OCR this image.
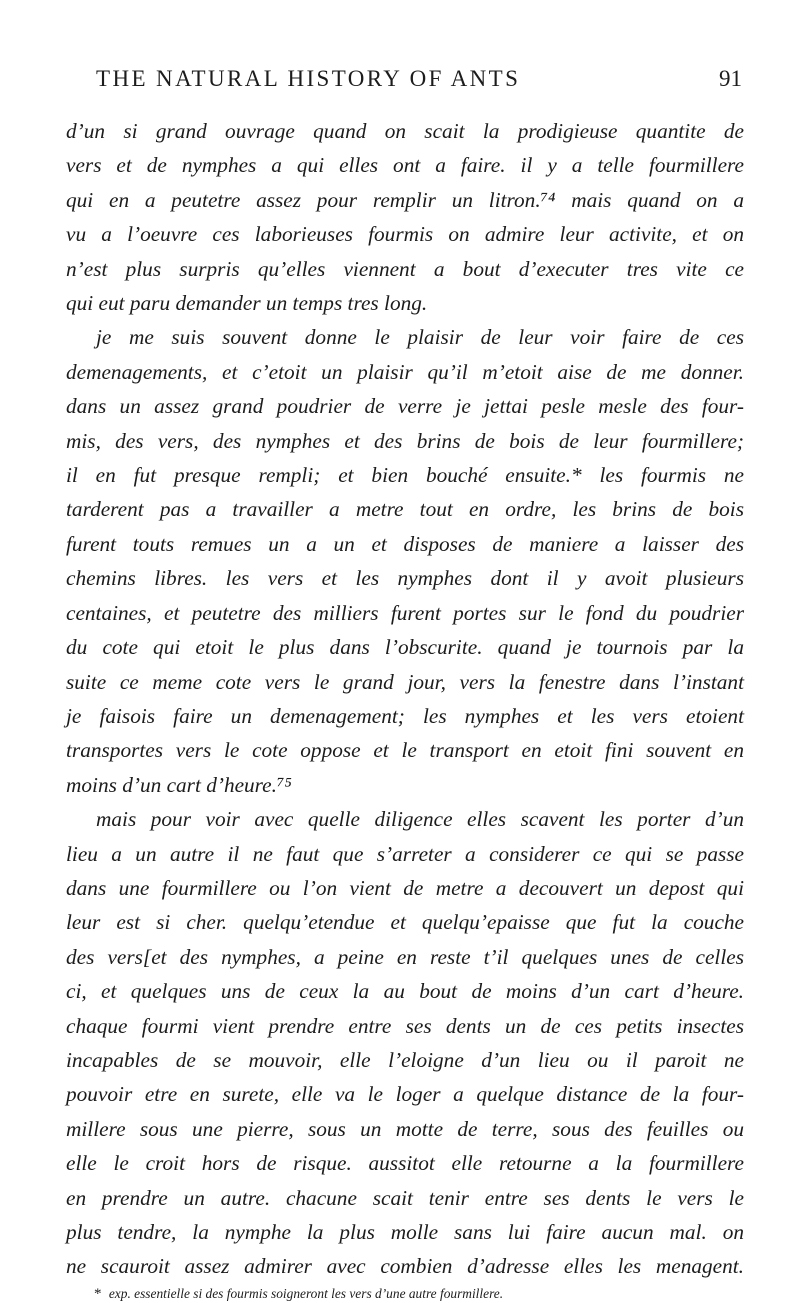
THE NATURAL HISTORY OF ANTS	91
d’un si grand ouvrage quand on scait la prodigieuse quantite de
vers et de nymphes a qui elles ont a faire. il y a telle fourmillere
qui en a peutetre assez pour remplir un litron.⁷⁴ mais quand on a
vu a l’oeuvre ces laborieuses fourmis on admire leur activite, et on
n’est plus surpris qu’elles viennent a bout d’executer tres vite ce
qui eut paru demander un temps tres long.
je me suis souvent donne le plaisir de leur voir faire de ces
demenagements, et c’etoit un plaisir qu’il m’etoit aise de me donner.
dans un assez grand poudrier de verre je jettai pesle mesle des four-
mis, des vers, des nymphes et des brins de bois de leur fourmillere;
il en fut presque rempli; et bien bouché ensuite.* les fourmis ne
tarderent pas a travailler a metre tout en ordre, les brins de bois
furent touts remues un a un et disposes de maniere a laisser des
chemins libres. les vers et les nymphes dont il y avoit plusieurs
centaines, et peutetre des milliers furent portes sur le fond du poudrier
du cote qui etoit le plus dans l’obscurite. quand je tournois par la
suite ce meme cote vers le grand jour, vers la fenestre dans l’instant
je faisois faire un demenagement; les nymphes et les vers etoient
transportes vers le cote oppose et le transport en etoit fini souvent en
moins d’un cart d’heure.⁷⁵
mais pour voir avec quelle diligence elles scavent les porter d’un
lieu a un autre il ne faut que s’arreter a considerer ce qui se passe
dans une fourmillere ou l’on vient de metre a decouvert un depost qui
leur est si cher. quelqu’etendue et quelqu’epaisse que fut la couche
des vers[et des nymphes, a peine en reste t’il quelques unes de celles
ci, et quelques uns de ceux la au bout de moins d’un cart d’heure.
chaque fourmi vient prendre entre ses dents un de ces petits insectes
incapables de se mouvoir, elle l’eloigne d’un lieu ou il paroit ne
pouvoir etre en surete, elle va le loger a quelque distance de la four-
millere sous une pierre, sous un motte de terre, sous des feuilles ou
elle le croit hors de risque. aussitot elle retourne a la fourmillere
en prendre un autre. chacune scait tenir entre ses dents le vers le
plus tendre, la nymphe la plus molle sans lui faire aucun mal. on
ne scauroit assez admirer avec combien d’adresse elles les menagent.
* exp. essentielle si des fourmis soigneront les vers d’une autre fourmillere.
